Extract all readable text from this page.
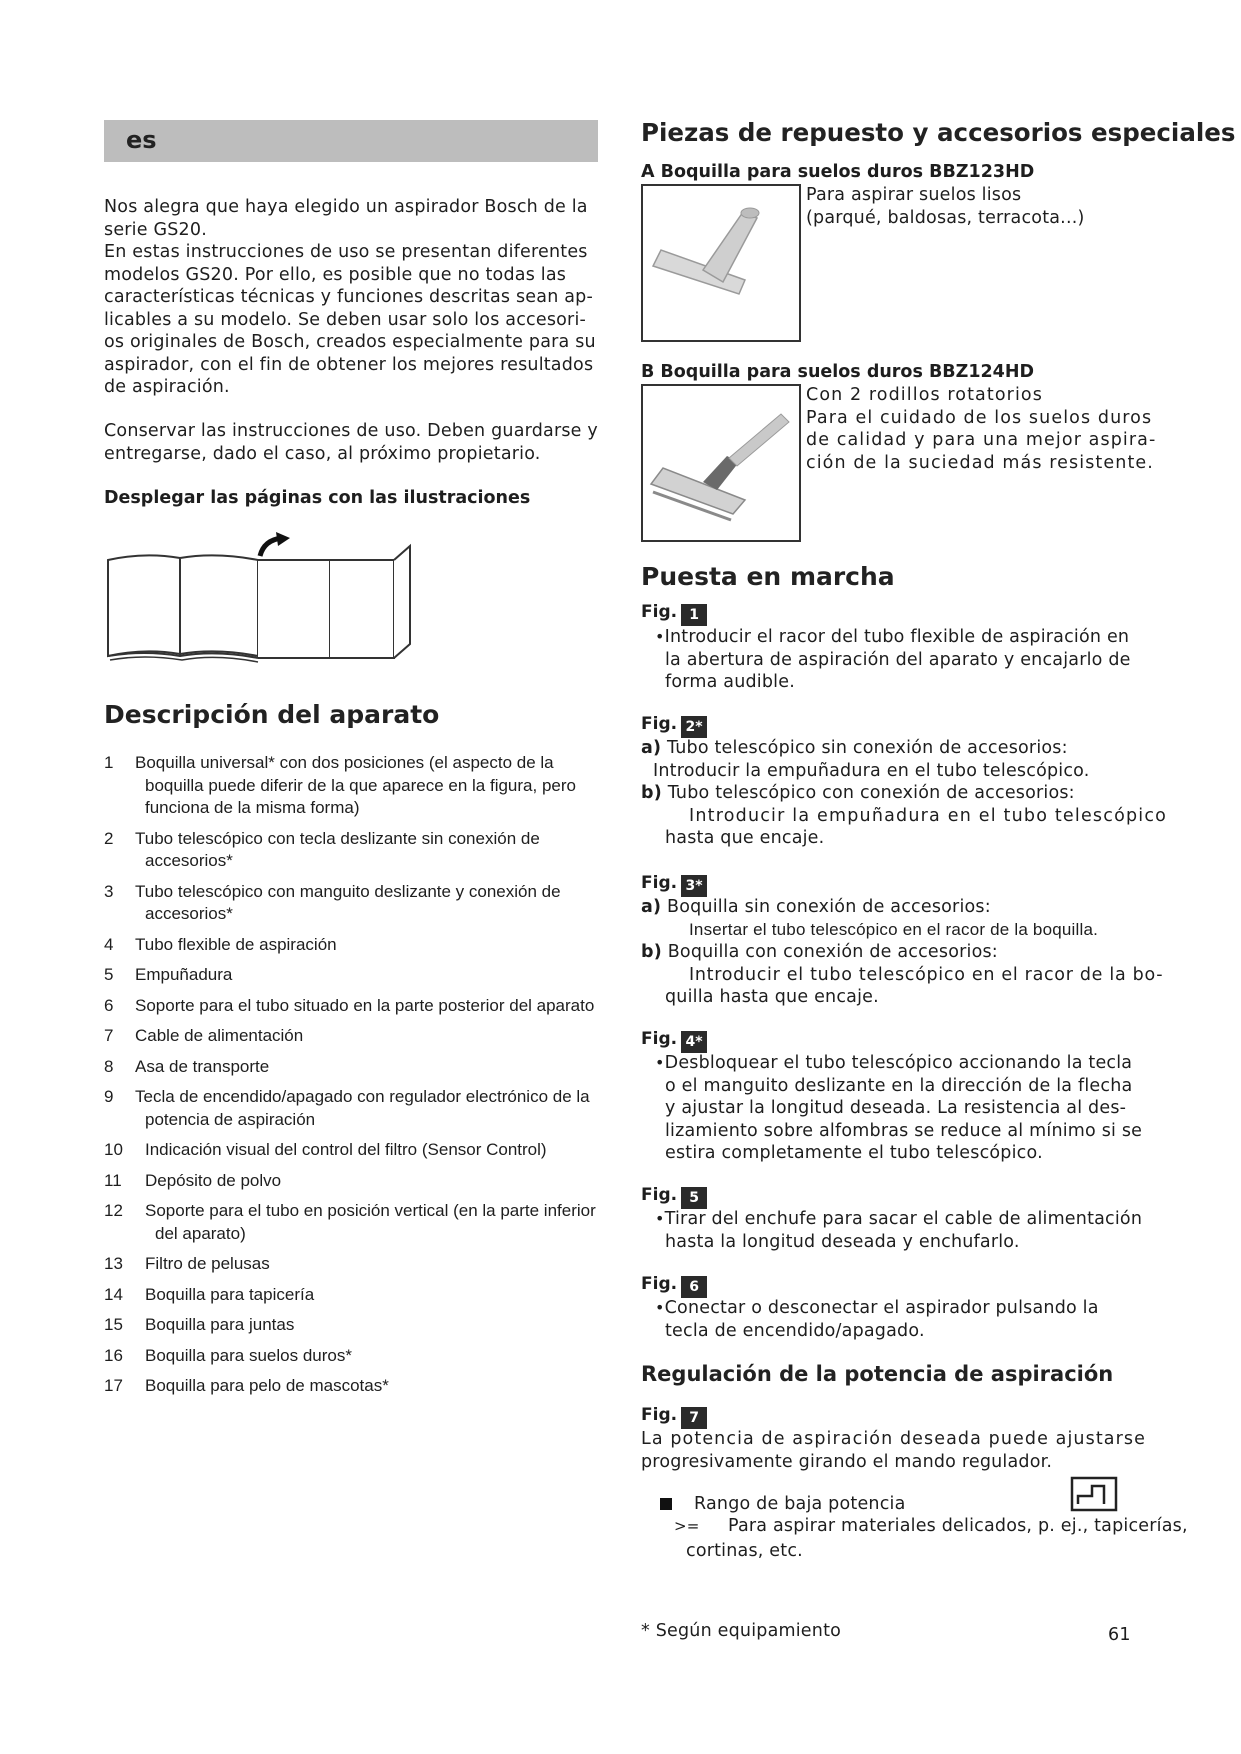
es
Nos alegra que haya elegido un aspirador Bosch de la
serie GS20.
En estas instrucciones de uso se presentan diferentes
modelos GS20. Por ello, es posible que no todas las
características técnicas y funciones descritas sean ap-
licables a su modelo. Se deben usar solo los accesori-
os originales de Bosch, creados especialmente para su
aspirador, con el fin de obtener los mejores resultados
de aspiración.
Conservar las instrucciones de uso. Deben guardarse y
entregarse, dado el caso, al próximo propietario.
Desplegar las páginas con las ilustraciones
Descripción del aparato
1 Boquilla universal* con dos posiciones (el aspecto de la boquilla puede diferir de la que aparece en la figura, pero funciona de la misma forma)
2 Tubo telescópico con tecla deslizante sin conexión de accesorios*
3 Tubo telescópico con manguito deslizante y conexión de accesorios*
4 Tubo flexible de aspiración
5 Empuñadura
6 Soporte para el tubo situado en la parte posterior del aparato
7 Cable de alimentación
8 Asa de transporte
9 Tecla de encendido/apagado con regulador electrónico de la potencia de aspiración
10	Indicación visual del control del filtro (Sensor Control)
11	Depósito de polvo
12	Soporte para el tubo en posición vertical (en la parte inferior del aparato)
13	Filtro de pelusas
14	Boquilla para tapicería
15	Boquilla para juntas
16	Boquilla para suelos duros*
17	Boquilla para pelo de mascotas*
Piezas de repuesto y accesorios especiales
A Boquilla para suelos duros BBZ123HD
Para aspirar suelos lisos
(parqué, baldosas, terracota...)
B Boquilla para suelos duros BBZ124HD
Con 2 rodillos rotatorios
Para el cuidado de los suelos duros
de calidad y para una mejor aspira-
ción de la suciedad más resistente.
Puesta en marcha
Fig. 1
•Introducir el racor del tubo flexible de aspiración en
la abertura de aspiración del aparato y encajarlo de
forma audible.
Fig. 2*
a) Tubo telescópico sin conexión de accesorios:
Introducir la empuñadura en el tubo telescópico.
b) Tubo telescópico con conexión de accesorios:
Introducir la empuñadura en el tubo telescópico
hasta que encaje.
Fig. 3*
a) Boquilla sin conexión de accesorios:
Insertar el tubo telescópico en el racor de la boquilla.
b) Boquilla con conexión de accesorios:
Introducir el tubo telescópico en el racor de la bo-
quilla hasta que encaje.
Fig. 4*
•Desbloquear el tubo telescópico accionando la tecla
o el manguito deslizante en la dirección de la flecha
y ajustar la longitud deseada. La resistencia al des-
lizamiento sobre alfombras se reduce al mínimo si se
estira completamente el tubo telescópico.
Fig. 5
•Tirar del enchufe para sacar el cable de alimentación
hasta la longitud deseada y enchufarlo.
Fig. 6
•Conectar o desconectar el aspirador pulsando la
tecla de encendido/apagado.
Regulación de la potencia de aspiración
Fig. 7
La potencia de aspiración deseada puede ajustarse
progresivamente girando el mando regulador.
Rango de baja potencia
>= Para aspirar materiales delicados, p. ej., tapicerías,
cortinas, etc.
* Según equipamiento	61
